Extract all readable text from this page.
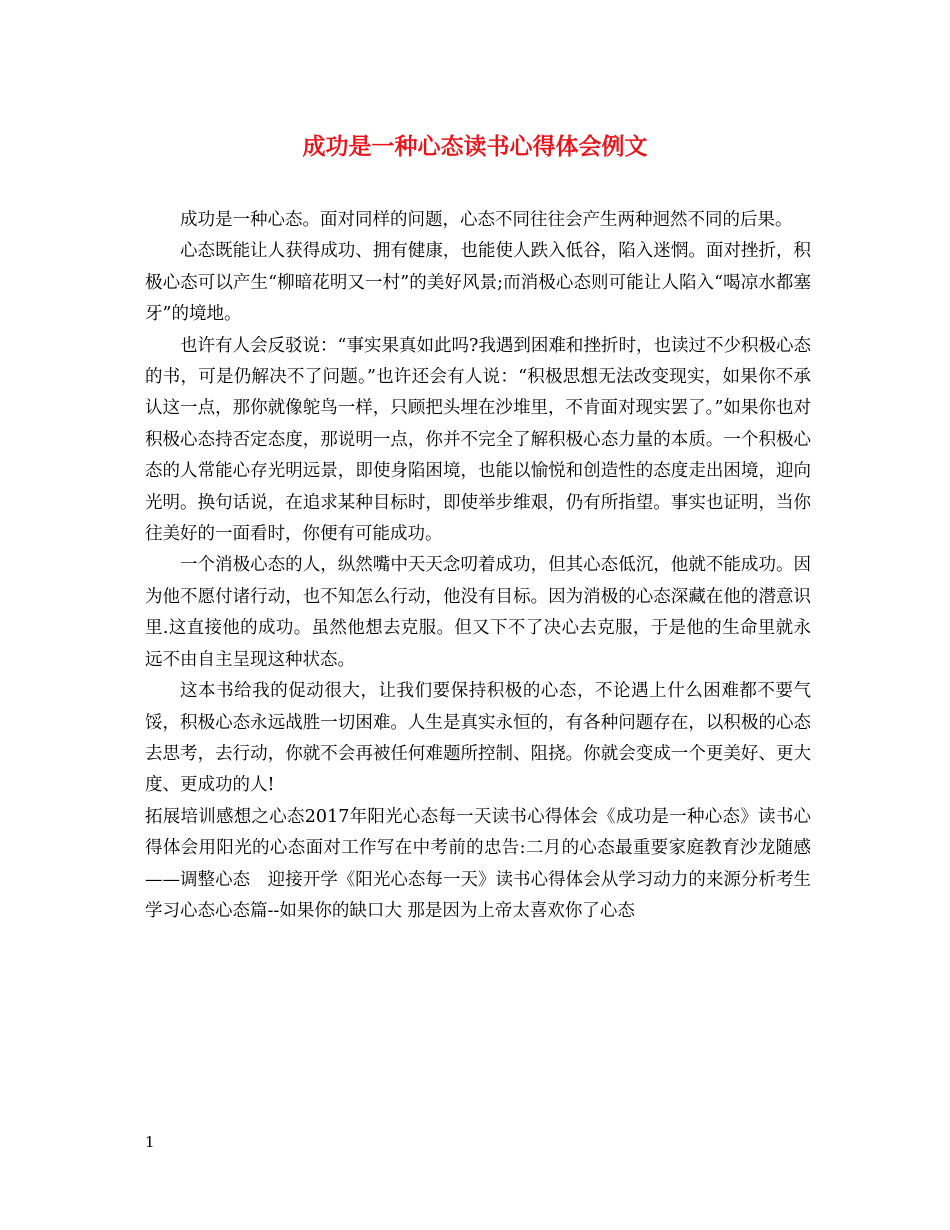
成功是一种心态读书心得体会例文

成功是一种心态。面对同样的问题，心态不同往往会产生两种迥然不同的后果。

心态既能让人获得成功、拥有健康，也能使人跌入低谷，陷入迷惘。面对挫折，积极心态可以产生“柳暗花明又一村”的美好风景;而消极心态则可能让人陷入“喝凉水都塞牙”的境地。

也许有人会反驳说：“事实果真如此吗?我遇到困难和挫折时，也读过不少积极心态的书，可是仍解决不了问题。”也许还会有人说：“积极思想无法改变现实，如果你不承认这一点，那你就像鸵鸟一样，只顾把头埋在沙堆里，不肯面对现实罢了。”如果你也对积极心态持否定态度，那说明一点，你并不完全了解积极心态力量的本质。一个积极心态的人常能心存光明远景，即使身陷困境，也能以愉悦和创造性的态度走出困境，迎向光明。换句话说，在追求某种目标时，即使举步维艰，仍有所指望。事实也证明，当你往美好的一面看时，你便有可能成功。

一个消极心态的人，纵然嘴中天天念叨着成功，但其心态低沉，他就不能成功。因为他不愿付诸行动，也不知怎么行动，他没有目标。因为消极的心态深藏在他的潜意识里.这直接他的成功。虽然他想去克服。但又下不了决心去克服，于是他的生命里就永远不由自主呈现这种状态。

这本书给我的促动很大，让我们要保持积极的心态，不论遇上什么困难都不要气馁，积极心态永远战胜一切困难。人生是真实永恒的，有各种问题存在，以积极的心态去思考，去行动，你就不会再被任何难题所控制、阻挠。你就会变成一个更美好、更大度、更成功的人!

拓展培训感想之心态2017年阳光心态每一天读书心得体会《成功是一种心态》读书心得体会用阳光的心态面对工作写在中考前的忠告:二月的心态最重要家庭教育沙龙随感——调整心态　迎接开学《阳光心态每一天》读书心得体会从学习动力的来源分析考生学习心态心态篇--如果你的缺口大 那是因为上帝太喜欢你了心态

1
